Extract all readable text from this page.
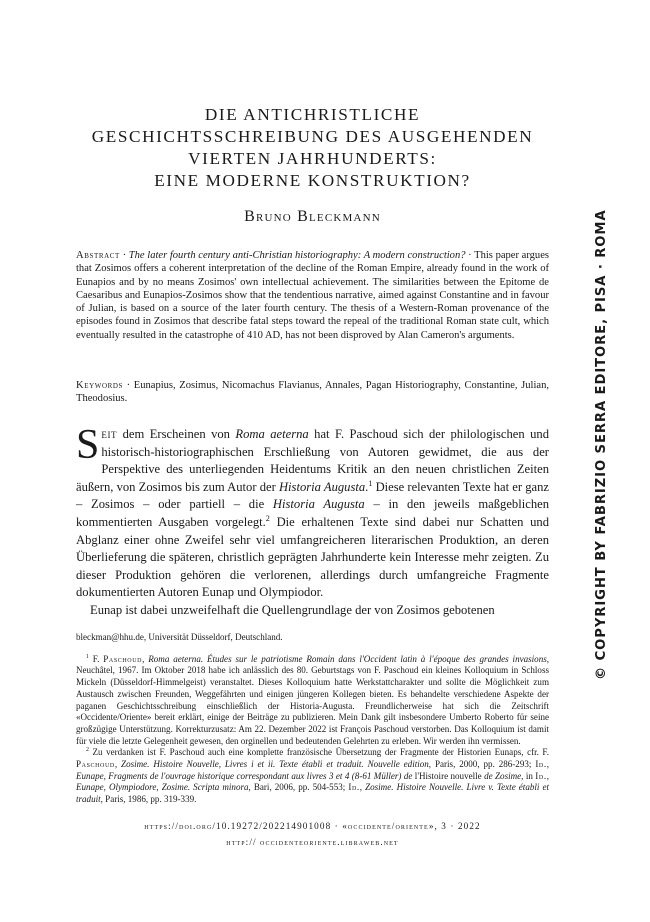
DIE ANTICHRISTLICHE
GESCHICHTSSCHREIBUNG DES AUSGEHENDEN
VIERTEN JAHRHUNDERTS:
EINE MODERNE KONSTRUKTION?
Bruno Bleckmann
Abstract · The later fourth century anti-Christian historiography: A modern construction? · This paper argues that Zosimos offers a coherent interpretation of the decline of the Roman Empire, already found in the work of Eunapios and by no means Zosimos' own intellectual achievement. The similarities between the Epitome de Caesaribus and Eunapios-Zosimos show that the tendentious narrative, aimed against Constantine and in favour of Julian, is based on a source of the later fourth century. The thesis of a Western-Roman provenance of the episodes found in Zosimos that describe fatal steps toward the repeal of the traditional Roman state cult, which eventually resulted in the catastrophe of 410 AD, has not been disproved by Alan Cameron's arguments.
Keywords · Eunapius, Zosimus, Nicomachus Flavianus, Annales, Pagan Historiography, Constantine, Julian, Theodosius.

Seit dem Erscheinen von Roma aeterna hat F. Paschoud sich der philologischen und historisch-historiographischen Erschließung von Autoren gewidmet, die aus der Perspektive des unterliegenden Heidentums Kritik an den neuen christlichen Zeiten äußern, von Zosimos bis zum Autor der Historia Augusta.$^1$ Diese relevanten Texte hat er ganz – Zosimos – oder partiell – die Historia Augusta – in den jeweils maßgeblichen kommentierten Ausgaben vorgelegt.$^2$ Die erhaltenen Texte sind dabei nur Schatten und Abglanz einer ohne Zweifel sehr viel umfangreicheren literarischen Produktion, an deren Überlieferung die späteren, christlich geprägten Jahrhunderte kein Interesse mehr zeigten. Zu dieser Produktion gehören die verlorenen, allerdings durch umfangreiche Fragmente dokumentierten Autoren Eunap und Olympiodor.

Eunap ist dabei unzweifelhaft die Quellengrundlage der von Zosimos gebotenen

bleckman@hhu.de, Universität Düsseldorf, Deutschland.

$^1$ F. Paschoud, Roma aeterna. Études sur le patriotisme Romain dans l'Occident latin à l'époque des grandes invasions, Neuchâtel, 1967. Im Oktober 2018 habe ich anlässlich des 80. Geburtstags von F. Paschoud ein kleines Kolloquium in Schloss Mickeln (Düsseldorf-Himmelgeist) veranstaltet. Dieses Kolloquium hatte Werkstattcharakter und sollte die Möglichkeit zum Austausch zwischen Freunden, Weggefährten und einigen jüngeren Kollegen bieten. Es behandelte verschiedene Aspekte der paganen Geschichtsschreibung einschließlich der Historia-Augusta. Freundlicherweise hat sich die Zeitschrift «Occidente/Oriente» bereit erklärt, einige der Beiträge zu publizieren. Mein Dank gilt insbesondere Umberto Roberto für seine großzügige Unterstützung. Korrekturzusatz: Am 22. Dezember 2022 ist François Paschoud verstorben. Das Kolloquium ist damit für viele die letzte Gelegenheit gewesen, den orginellen und bedeutenden Gelehrten zu erleben. Wir werden ihn vermissen.

$^2$ Zu verdanken ist F. Paschoud auch eine komplette französische Übersetzung der Fragmente der Historien Eunaps, cfr. F. Paschoud, Zosime. Histoire Nouvelle, Livres i et ii. Texte établi et traduit. Nouvelle edition, Paris, 2000, pp. 286-293; Id., Eunape, Fragments de l'ouvrage historique correspondant aux livres 3 et 4 (8-61 Müller) de l'Histoire nouvelle de Zosime, in Id., Eunape, Olympiodore, Zosime. Scripta minora, Bari, 2006, pp. 504-553; Id., Zosime. Histoire Nouvelle. Livre v. Texte établi et traduit, Paris, 1986, pp. 319-339.

https://doi.org/10.19272/202214901008 · «occidente/oriente», 3 · 2022
http:// occidenteoriente.libraweb.net
© COPYRIGHT BY FABRIZIO SERRA EDITORE, PISA · ROMA
